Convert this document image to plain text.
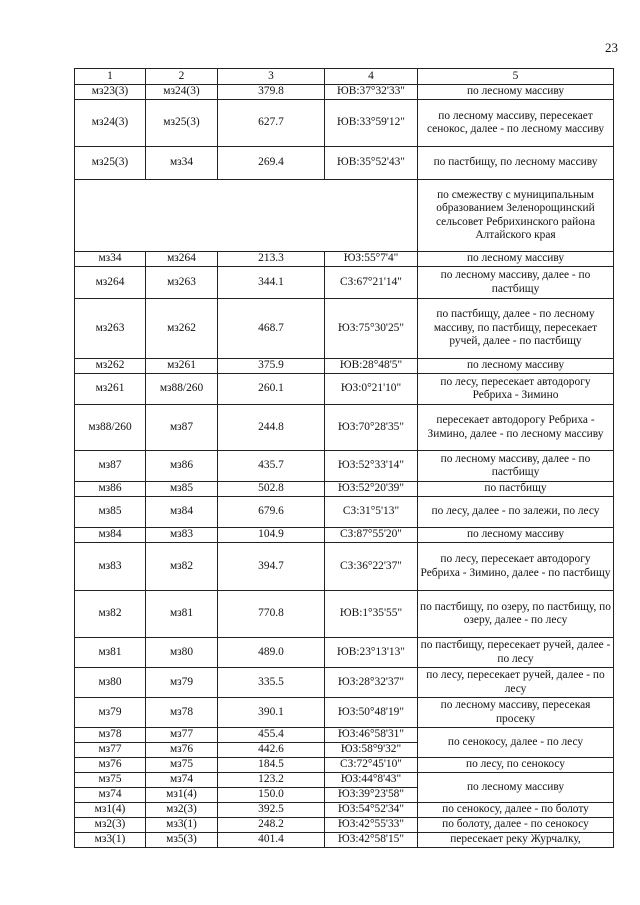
23
1	2	3	4	5
мз23(3)	мз24(3)	379.8	ЮВ:37°32'33"	по лесному массиву
мз24(3)	мз25(3)	627.7	ЮВ:33°59'12"	по лесному массиву, пересекает сенокос, далее - по лесному массиву
мз25(3)	мз34	269.4	ЮВ:35°52'43"	по пастбищу, по лесному массиву
				по смежеству с муниципальным образованием Зеленорощинский сельсовет Ребрихинского района Алтайского края
мз34	мз264	213.3	ЮЗ:55°7'4"	по лесному массиву
мз264	мз263	344.1	СЗ:67°21'14"	по лесному массиву, далее - по пастбищу
мз263	мз262	468.7	ЮЗ:75°30'25"	по пастбищу, далее - по лесному массиву, по пастбищу, пересекает ручей, далее - по пастбищу
мз262	мз261	375.9	ЮВ:28°48'5"	по лесному массиву
мз261	мз88/260	260.1	ЮЗ:0°21'10"	по лесу, пересекает автодорогу Ребриха - Зимино
мз88/260	мз87	244.8	ЮЗ:70°28'35"	пересекает автодорогу Ребриха - Зимино, далее - по лесному массиву
мз87	мз86	435.7	ЮЗ:52°33'14"	по лесному массиву, далее - по пастбищу
мз86	мз85	502.8	ЮЗ:52°20'39"	по пастбищу
мз85	мз84	679.6	СЗ:31°5'13"	по лесу, далее - по залежи, по лесу
мз84	мз83	104.9	СЗ:87°55'20"	по лесному массиву
мз83	мз82	394.7	СЗ:36°22'37"	по лесу, пересекает автодорогу Ребриха - Зимино, далее - по пастбищу
мз82	мз81	770.8	ЮВ:1°35'55"	по пастбищу, по озеру, по пастбищу, по озеру, далее - по лесу
мз81	мз80	489.0	ЮВ:23°13'13"	по пастбищу, пересекает ручей, далее - по лесу
мз80	мз79	335.5	ЮЗ:28°32'37"	по лесу, пересекает ручей, далее - по лесу
мз79	мз78	390.1	ЮЗ:50°48'19"	по лесному массиву, пересекая просеку
мз78	мз77	455.4	ЮЗ:46°58'31"	по сенокосу, далее - по лесу
мз77	мз76	442.6	ЮЗ:58°9'32"	
мз76	мз75	184.5	СЗ:72°45'10"	по лесу, по сенокосу
мз75	мз74	123.2	ЮЗ:44°8'43"	по лесному массиву
мз74	мз1(4)	150.0	ЮЗ:39°23'58"	
мз1(4)	мз2(3)	392.5	ЮЗ:54°52'34"	по сенокосу, далее - по болоту
мз2(3)	мз3(1)	248.2	ЮЗ:42°55'33"	по болоту, далее - по сенокосу
мз3(1)	мз5(3)	401.4	ЮЗ:42°58'15"	пересекает реку Журчалку,
